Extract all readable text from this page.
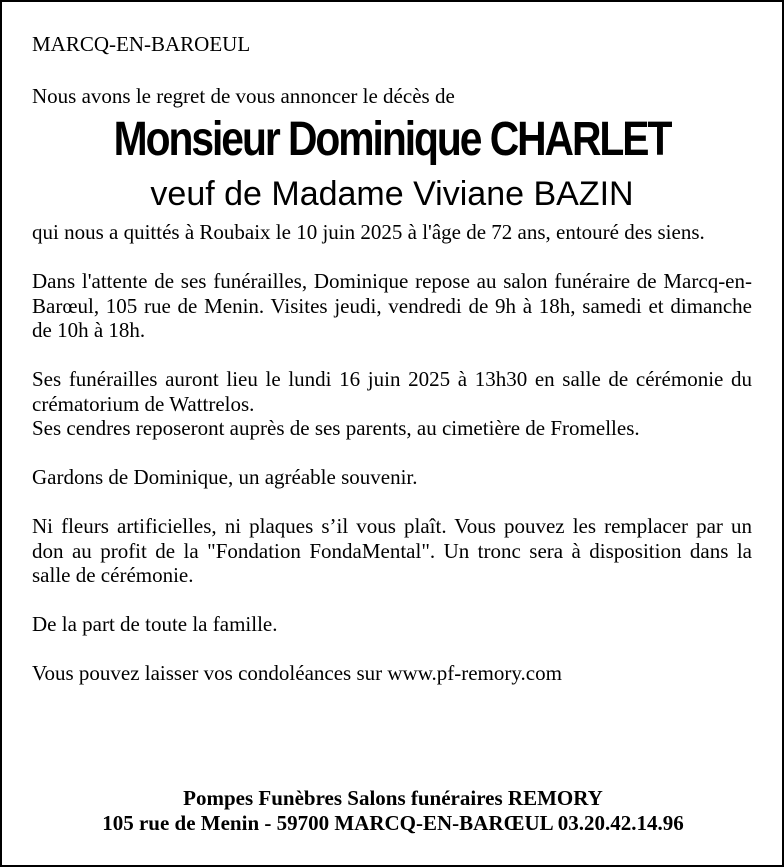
MARCQ-EN-BAROEUL

Nous avons le regret de vous annoncer le décès de

Monsieur Dominique CHARLET
veuf de Madame Viviane BAZIN

qui nous a quittés à Roubaix le 10 juin 2025 à l'âge de 72 ans, entouré des siens.

Dans l'attente de ses funérailles, Dominique repose au salon funéraire de Marcq-en-Barœul, 105 rue de Menin. Visites jeudi, vendredi de 9h à 18h, samedi et dimanche de 10h à 18h.

Ses funérailles auront lieu le lundi 16 juin 2025 à 13h30 en salle de cérémonie du crématorium de Wattrelos.

Ses cendres reposeront auprès de ses parents, au cimetière de Fromelles.

Gardons de Dominique, un agréable souvenir.

Ni fleurs artificielles, ni plaques s’il vous plaît. Vous pouvez les remplacer par un don au profit de la "Fondation FondaMental". Un tronc sera à disposition dans la salle de cérémonie.

De la part de toute la famille.

Vous pouvez laisser vos condoléances sur www.pf-remory.com

Pompes Funèbres Salons funéraires REMORY
105 rue de Menin - 59700 MARCQ-EN-BARŒUL 03.20.42.14.96
